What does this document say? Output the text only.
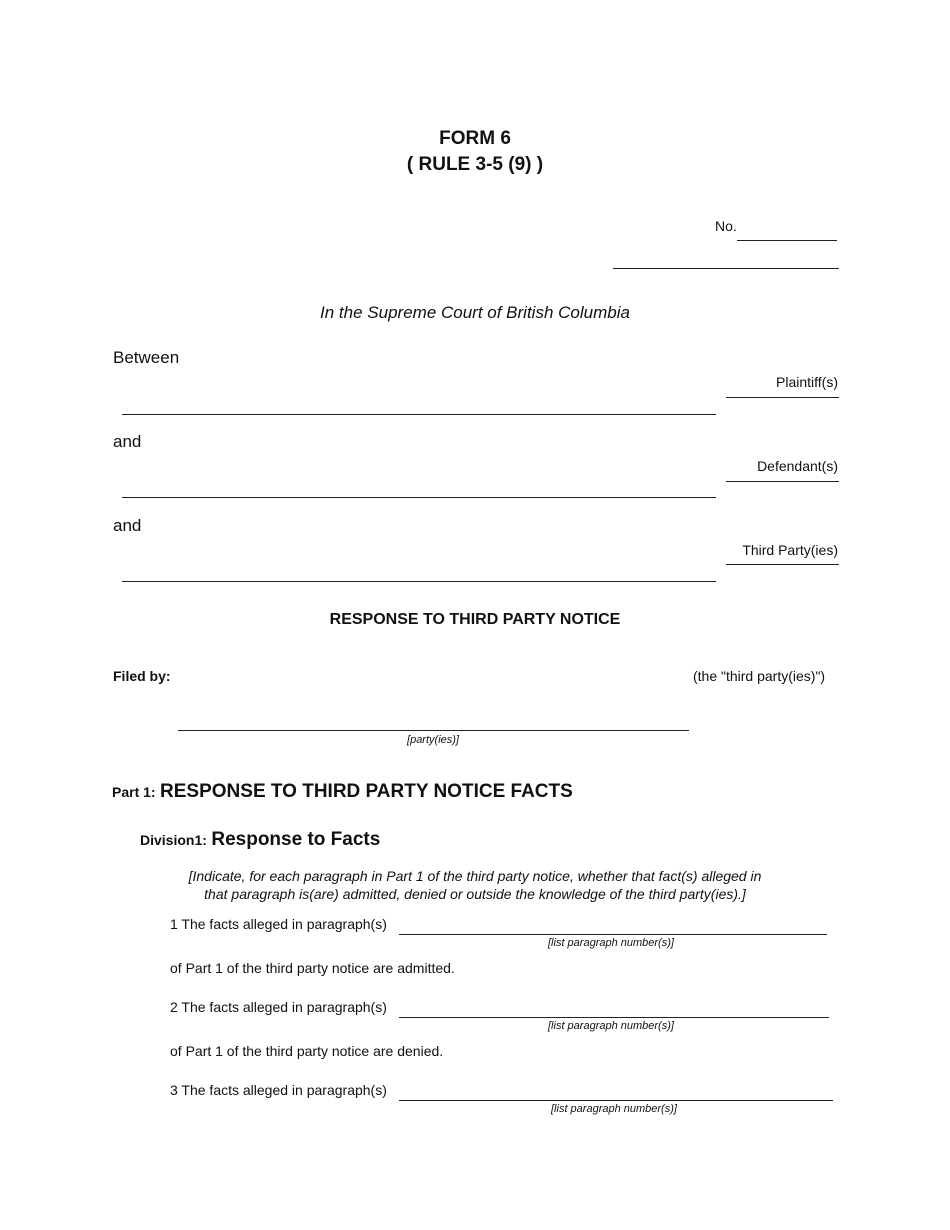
FORM 6
( RULE 3-5 (9) )
No.
In the Supreme Court of British Columbia
Between
Plaintiff(s)
and
Defendant(s)
and
Third Party(ies)
RESPONSE TO THIRD PARTY NOTICE
Filed by:	(the "third party(ies)")
[party(ies)]
Part 1: RESPONSE TO THIRD PARTY NOTICE FACTS
Division1: Response to Facts
[Indicate, for each paragraph in Part 1 of the third party notice, whether that fact(s) alleged in
that paragraph is(are) admitted, denied or outside the knowledge of the third party(ies).]
1 The facts alleged in paragraph(s)
[list paragraph number(s)]
of Part 1 of the third party notice are admitted.
2 The facts alleged in paragraph(s)
[list paragraph number(s)]
of Part 1 of the third party notice are denied.
3 The facts alleged in paragraph(s)
[list paragraph number(s)]
